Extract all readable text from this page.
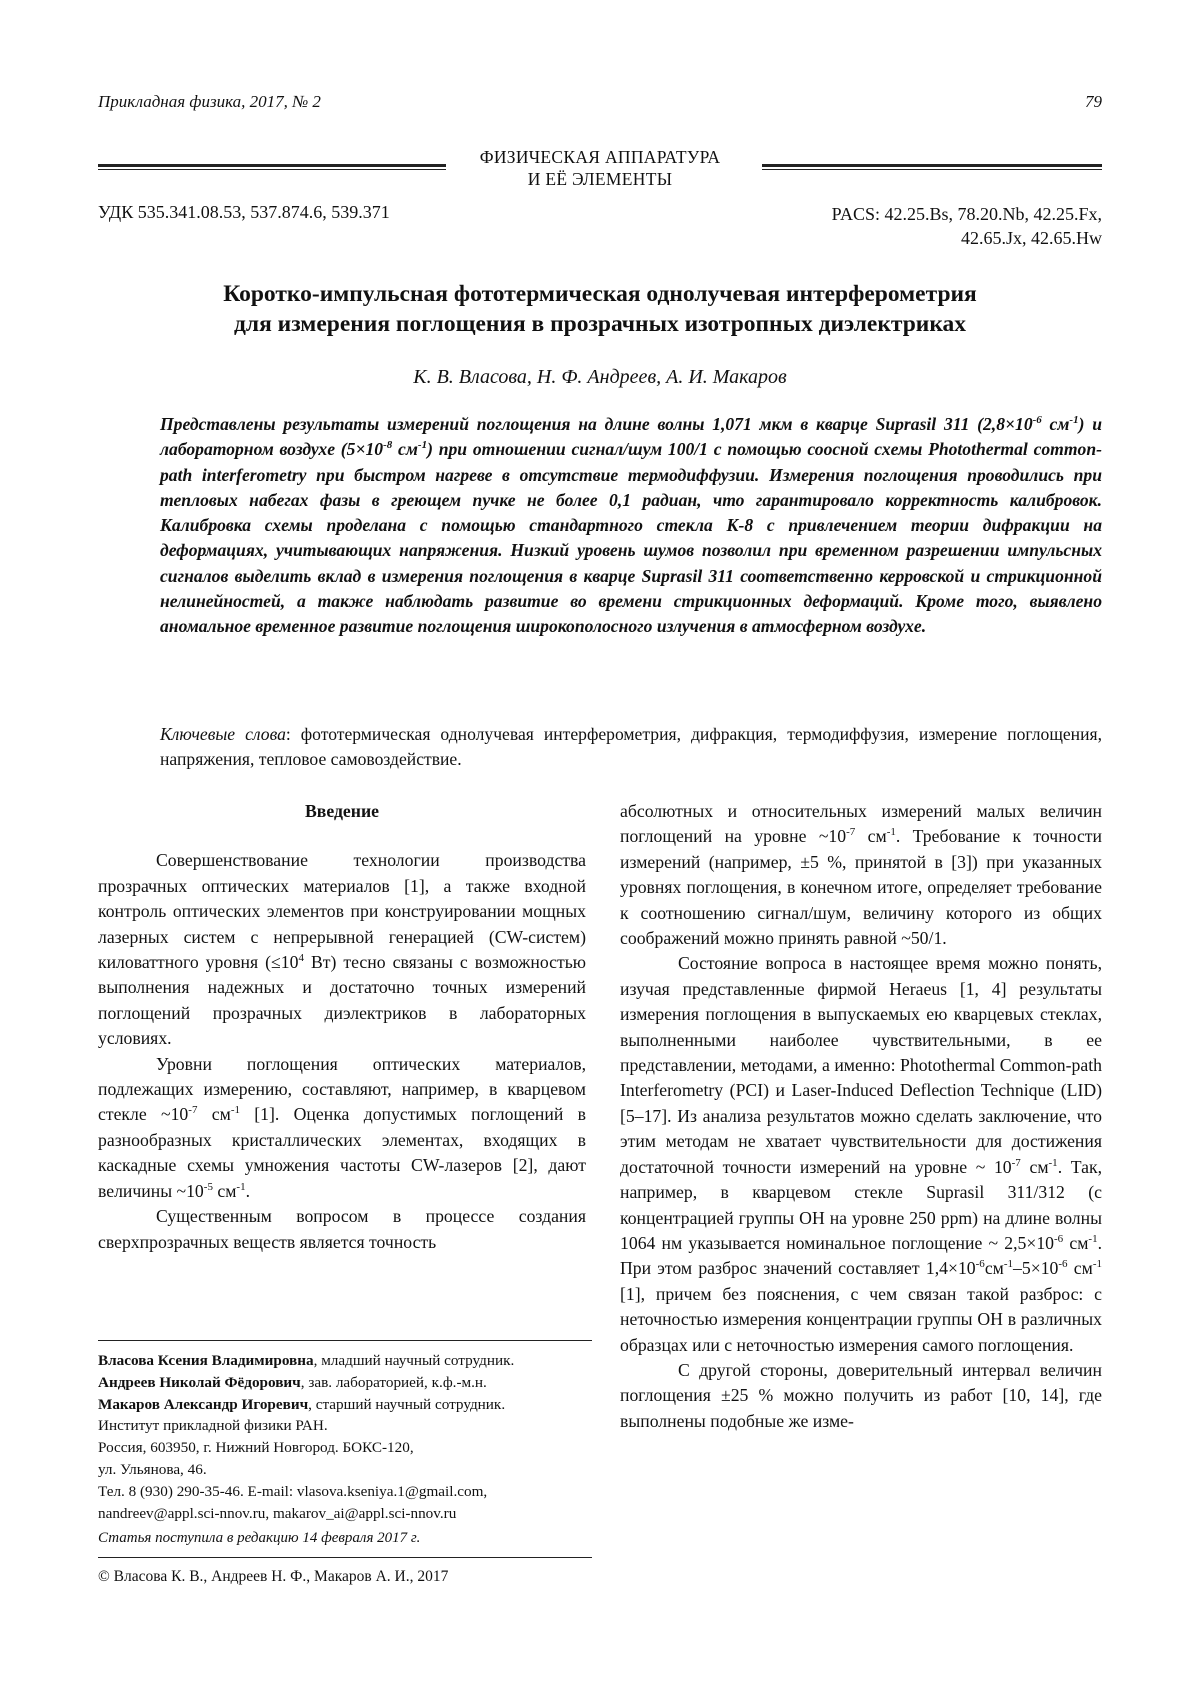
Прикладная физика, 2017, № 2	79
ФИЗИЧЕСКАЯ АППАРАТУРА
И ЕЁ ЭЛЕМЕНТЫ
УДК 535.341.08.53, 537.874.6, 539.371	PACS: 42.25.Bs, 78.20.Nb, 42.25.Fx,
42.65.Jx, 42.65.Hw
Коротко-импульсная фототермическая однолучевая интерферометрия
для измерения поглощения в прозрачных изотропных диэлектриках
К. В. Власова, Н. Ф. Андреев, А. И. Макаров
Представлены результаты измерений поглощения на длине волны 1,071 мкм в кварце Suprasil 311 ($2,8\times 10^{-6}$ $см^{-1}$) и лабораторном воздухе ($5\times 10^{-8}$ $см^{-1}$) при отношении сигнал/шум 100/1 с помощью соосной схемы Photothermal common-path interferometry при быстром нагреве в отсутствие термодиффузии. Измерения поглощения проводились при тепловых набегах фазы в греющем пучке не более 0,1 радиан, что гарантировало корректность калибровок. Калибровка схемы проделана с помощью стандартного стекла К-8 с привлечением теории дифракции на деформациях, учитывающих напряжения. Низкий уровень шумов позволил при временном разрешении импульсных сигналов выделить вклад в измерения поглощения в кварце Suprasil 311 соответственно керровской и стрикционной нелинейностей, а также наблюдать развитие во времени стрикционных деформаций. Кроме того, выявлено аномальное временное развитие поглощения широкополосного излучения в атмосферном воздухе.
Ключевые слова: фототермическая однолучевая интерферометрия, дифракция, термодиффузия, измерение поглощения, напряжения, тепловое самовоздействие.
Введение

Совершенствование технологии производства прозрачных оптических материалов [1], а также входной контроль оптических элементов при конструировании мощных лазерных систем с непрерывной генерацией (CW-систем) киловаттного уровня ($\le 10^4$ Вт) тесно связаны с возможностью выполнения надежных и достаточно точных измерений поглощений прозрачных диэлектриков в лабораторных условиях.

Уровни поглощения оптических материалов, подлежащих измерению, составляют, например, в кварцевом стекле $\sim 10^{-7}$ $см^{-1}$ [1]. Оценка допустимых поглощений в разнообразных кристаллических элементах, входящих в каскадные схемы умножения частоты CW-лазеров [2], дают величины $\sim 10^{-5}$ $см^{-1}$.

Существенным вопросом в процессе создания сверхпрозрачных веществ является точность

абсолютных и относительных измерений малых величин поглощений на уровне $\sim 10^{-7}$ $см^{-1}$. Требование к точности измерений (например, ±5 %, принятой в [3]) при указанных уровнях поглощения, в конечном итоге, определяет требование к соотношению сигнал/шум, величину которого из общих соображений можно принять равной ~50/1.

Состояние вопроса в настоящее время можно понять, изучая представленные фирмой Heraeus [1, 4] результаты измерения поглощения в выпускаемых ею кварцевых стеклах, выполненными наиболее чувствительными, в ее представлении, методами, а именно: Photothermal Common-path Interferometry (PCI) и Laser-Induced Deflection Technique (LID) [5–17]. Из анализа результатов можно сделать заключение, что этим методам не хватает чувствительности для достижения достаточной точности измерений на уровне ~ $10^{-7}$ $см^{-1}$. Так, например, в кварцевом стекле Suprasil 311/312 (с концентрацией группы OH на уровне 250 ppm) на длине волны 1064 нм указывается номинальное поглощение ~ $2,5\times 10^{-6}$ $см^{-1}$. При этом разброс значений составляет $1,4\times 10^{-6}см^{-1}-5\times 10^{-6}$ $см^{-1}$ [1], причем без пояснения, с чем связан такой разброс: с неточностью измерения концентрации группы OH в различных образцах или с неточностью измерения самого поглощения.

С другой стороны, доверительный интервал величин поглощения ±25 % можно получить из работ [10, 14], где выполнены подобные же изме-

Власова Ксения Владимировна, младший научный сотрудник.
Андреев Николай Фёдорович, зав. лабораторией, к.ф.-м.н.
Макаров Александр Игоревич, старший научный сотрудник.
Институт прикладной физики РАН.
Россия, 603950, г. Нижний Новгород. БОКС-120,
ул. Ульянова, 46.
Тел. 8 (930) 290-35-46. E-mail: vlasova.kseniya.1@gmail.com,
nandreev@appl.sci-nnov.ru, makarov_ai@appl.sci-nnov.ru
Статья поступила в редакцию 14 февраля 2017 г.
© Власова К. В., Андреев Н. Ф., Макаров А. И., 2017
